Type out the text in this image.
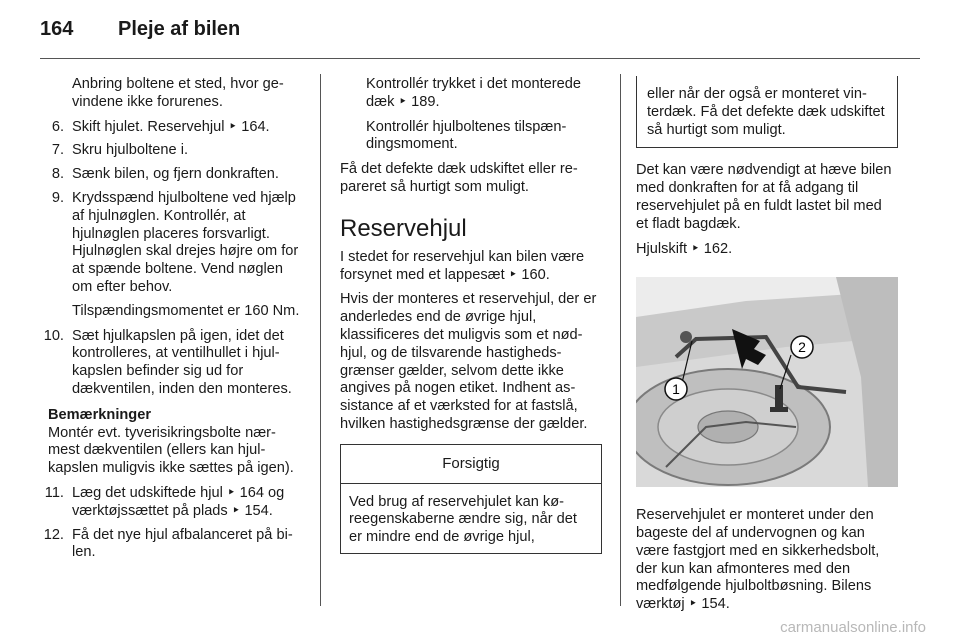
164	Pleje af bilen

Anbring boltene et sted, hvor gevindene ikke forurenes.

6. Skift hjulet. Reservehjul ‣ 164.
7. Skru hjulboltene i.
8. Sænk bilen, og fjern donkraften.
9. Krydsspænd hjulboltene ved hjælp af hjulnøglen. Kontrollér, at hjulnøglen placeres forsvarligt. Hjulnøglen skal drejes højre om for at spænde boltene. Vend nøglen om efter behov.

Tilspændingsmomentet er 160 Nm.

10. Sæt hjulkapslen på igen, idet det kontrolleres, at ventilhullet i hjulkapslen befinder sig ud for dækventilen, inden den monteres.

Bemærkninger
Montér evt. tyverisikringsbolte nærmest dækventilen (ellers kan hjulkapslen muligvis ikke sættes på igen).

11. Læg det udskiftede hjul ‣ 164 og værktøjssættet på plads ‣ 154.
12. Få det nye hjul afbalanceret på bilen.

Kontrollér trykket i det monterede dæk ‣ 189.

Kontrollér hjulboltenes tilspændingsmoment.

Få det defekte dæk udskiftet eller repareret så hurtigt som muligt.

Reservehjul

I stedet for reservehjul kan bilen være forsynet med et lappesæt ‣ 160.

Hvis der monteres et reservehjul, der er anderledes end de øvrige hjul, klassificeres det muligvis som et nødhjul, og de tilsvarende hastighedsgrænser gælder, selvom dette ikke angives på nogen etiket. Indhent assistance af et værksted for at fastslå, hvilken hastighedsgrænse der gælder.

Forsigtig
Ved brug af reservehjulet kan køreegenskaberne ændre sig, når det er mindre end de øvrige hjul,
eller når der også er monteret vinterdæk. Få det defekte dæk udskiftet så hurtigt som muligt.

Det kan være nødvendigt at hæve bilen med donkraften for at få adgang til reservehjulet på en fuldt lastet bil med et fladt bagdæk.

Hjulskift ‣ 162.

1
2

Reservehjulet er monteret under den bageste del af undervognen og kan være fastgjort med en sikkerhedsbolt, der kun kan afmonteres med den medfølgende hjulboltbøsning. Bilens værktøj ‣ 154.

carmanualsonline.info
